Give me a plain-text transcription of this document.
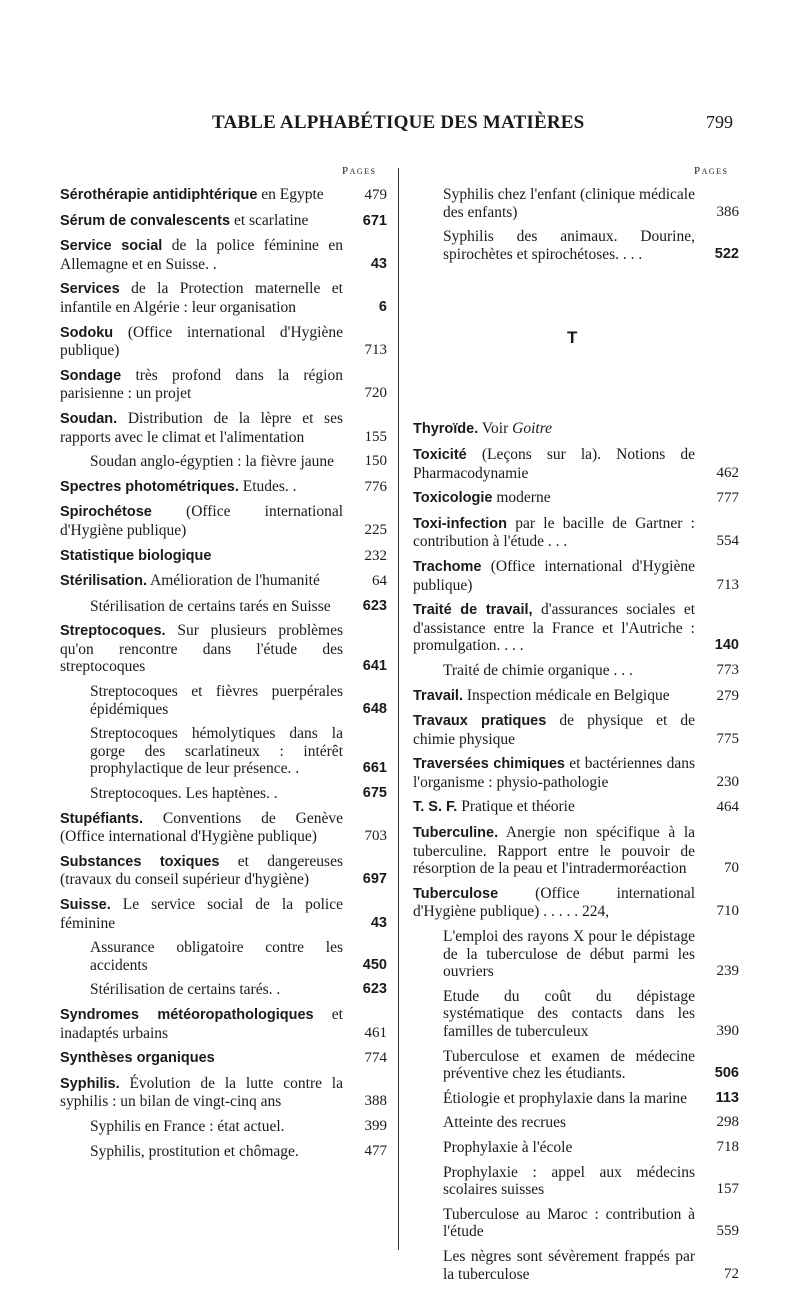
TABLE ALPHABÉTIQUE DES MATIÈRES	799
Pages	Pages
Sérothérapie antidiphtérique en Egypte	479
Sérum de convalescents et scarlatine	671
Service social de la police féminine en Allemagne et en Suisse. .	43
Services de la Protection maternelle et infantile en Algérie : leur organisation	6
Sodoku (Office international d'Hygiène publique)	713
Sondage très profond dans la région parisienne : un projet	720
Soudan. Distribution de la lèpre et ses rapports avec le climat et l'alimentation	155
Soudan anglo-égyptien : la fièvre jaune	150
Spectres photométriques. Etudes. .	776
Spirochétose (Office international d'Hygiène publique)	225
Statistique biologique	232
Stérilisation. Amélioration de l'humanité	64
Stérilisation de certains tarés en Suisse	623
Streptocoques. Sur plusieurs problèmes qu'on rencontre dans l'étude des streptocoques	641
Streptocoques et fièvres puerpérales épidémiques	648
Streptocoques hémolytiques dans la gorge des scarlatineux : intérêt prophylactique de leur présence. .	661
Streptocoques. Les haptènes. .	675
Stupéfiants. Conventions de Genève (Office international d'Hygiène publique)	703
Substances toxiques et dangereuses (travaux du conseil supérieur d'hygiène)	697
Suisse. Le service social de la police féminine	43
Assurance obligatoire contre les accidents	450
Stérilisation de certains tarés. .	623
Syndromes météoropathologiques et inadaptés urbains	461
Synthèses organiques	774
Syphilis. Évolution de la lutte contre la syphilis : un bilan de vingt-cinq ans	388
Syphilis en France : état actuel.	399
Syphilis, prostitution et chômage.	477
Syphilis chez l'enfant (clinique médicale des enfants)	386
Syphilis des animaux. Dourine, spirochètes et spirochétoses. . . .	522
T
Thyroïde. Voir Goitre
Toxicité (Leçons sur la). Notions de Pharmacodynamie	462
Toxicologie moderne	777
Toxi-infection par le bacille de Gartner : contribution à l'étude . . .	554
Trachome (Office international d'Hygiène publique)	713
Traité de travail, d'assurances sociales et d'assistance entre la France et l'Autriche : promulgation. . . .	140
Traité de chimie organique . . .	773
Travail. Inspection médicale en Belgique	279
Travaux pratiques de physique et de chimie physique	775
Traversées chimiques et bactériennes dans l'organisme : physio-pathologie	230
T. S. F. Pratique et théorie	464
Tuberculine. Anergie non spécifique à la tuberculine. Rapport entre le pouvoir de résorption de la peau et l'intradermoréaction	70
Tuberculose (Office international d'Hygiène publique) . . . . . 224,	710
L'emploi des rayons X pour le dépistage de la tuberculose de début parmi les ouvriers	239
Etude du coût du dépistage systématique des contacts dans les familles de tuberculeux	390
Tuberculose et examen de médecine préventive chez les étudiants.	506
Étiologie et prophylaxie dans la marine	113
Atteinte des recrues	298
Prophylaxie à l'école	718
Prophylaxie : appel aux médecins scolaires suisses	157
Tuberculose au Maroc : contribution à l'étude	559
Les nègres sont sévèrement frappés par la tuberculose	72
